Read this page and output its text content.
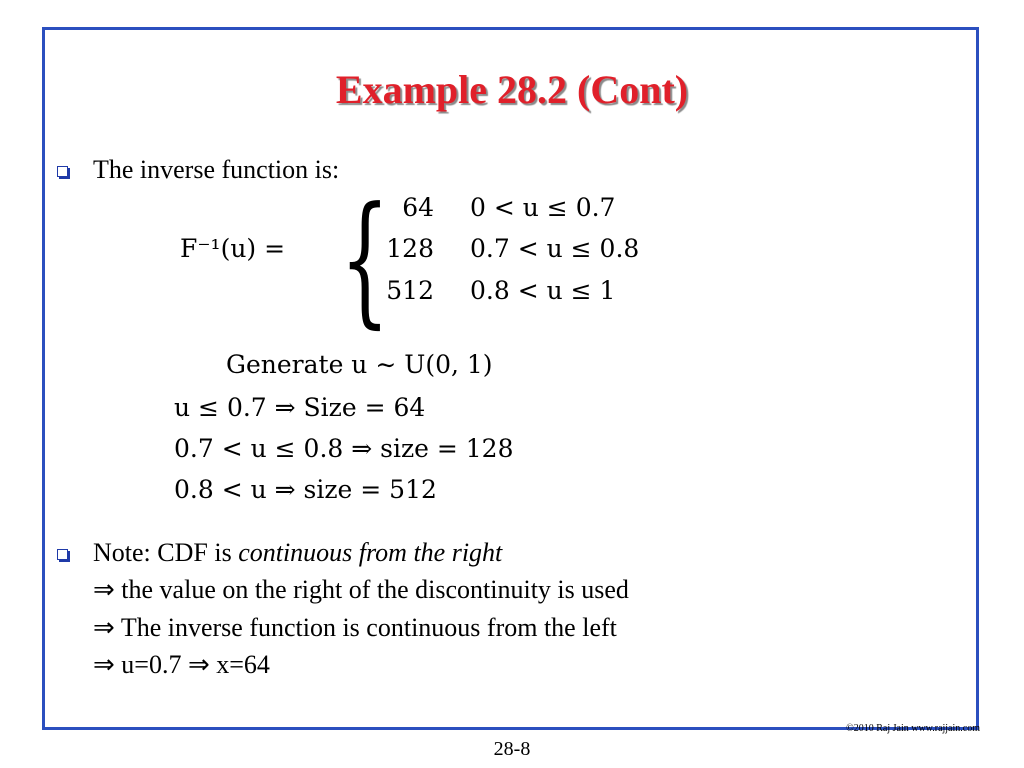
Example 28.2 (Cont)
The inverse function is:
F⁻¹(u) = { 64 0 < u ≤ 0.7
128 0.7 < u ≤ 0.8
512 0.8 < u ≤ 1
Generate u ∼ U(0, 1)
u ≤ 0.7 ⇒ Size = 64
0.7 < u ≤ 0.8 ⇒ size = 128
0.8 < u ⇒ size = 512
Note: CDF is continuous from the right
⇒ the value on the right of the discontinuity is used
⇒ The inverse function is continuous from the left
⇒ u=0.7 ⇒ x=64
©2010 Raj Jain www.rajjain.com
28-8
